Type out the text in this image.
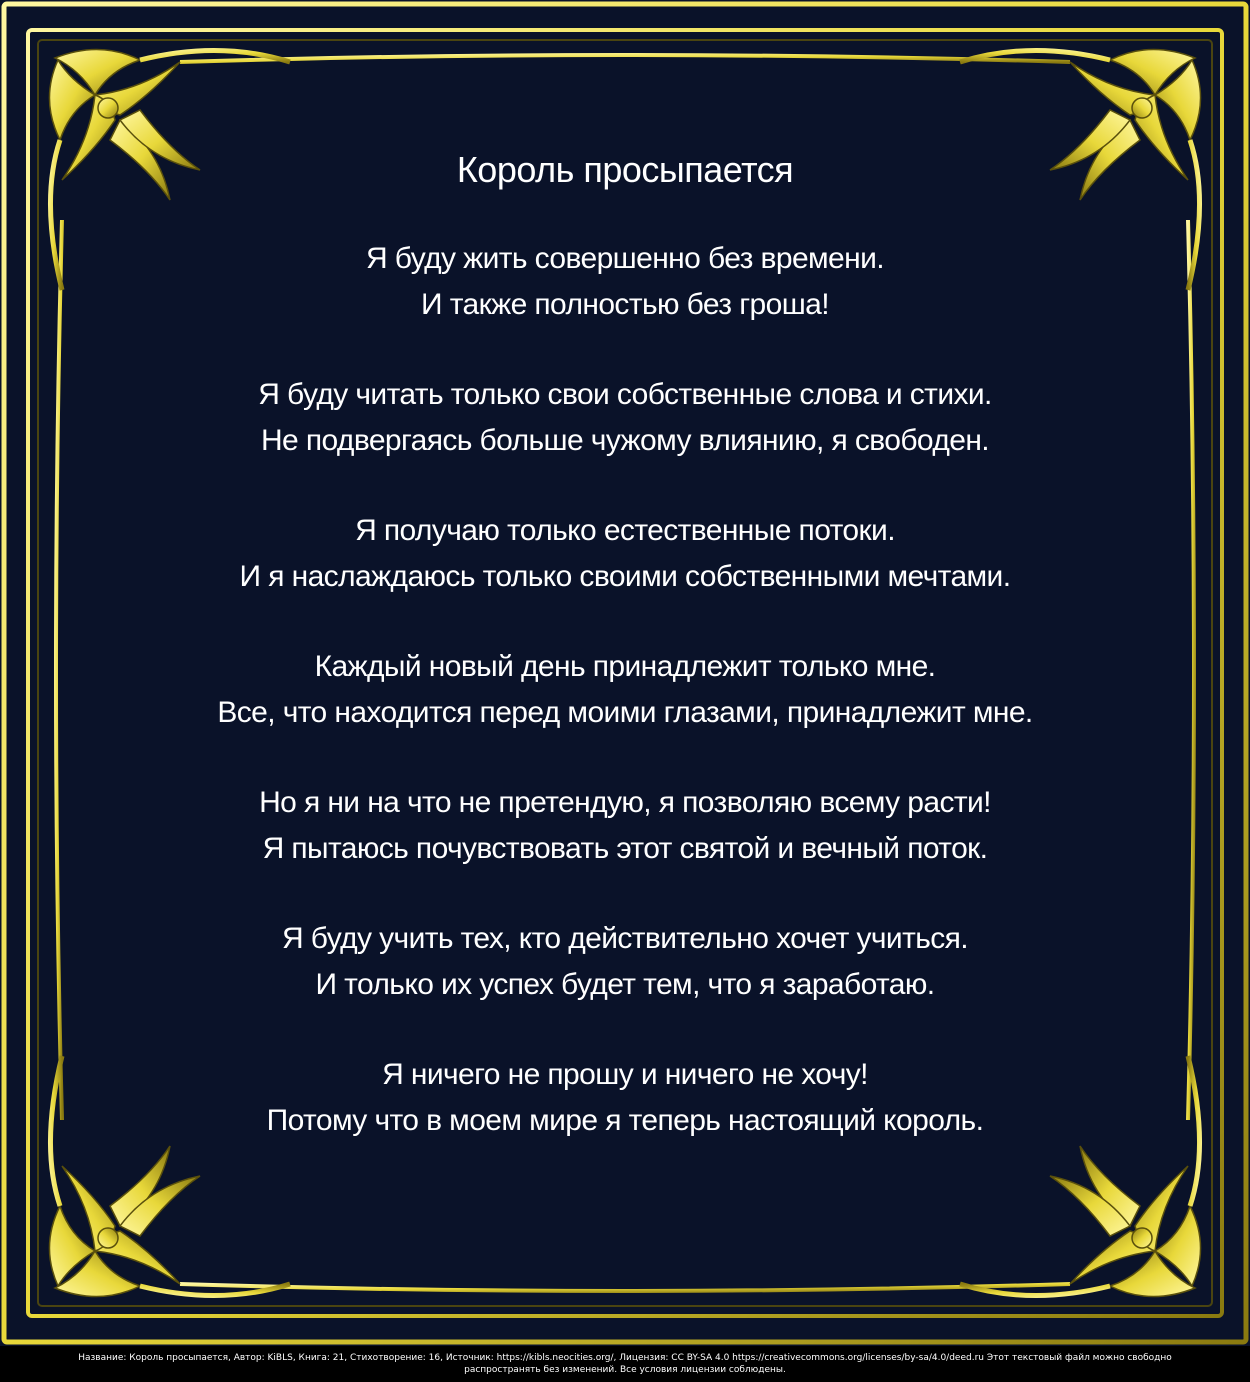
Король просыпается
Я буду жить совершенно без времени.
И также полностью без гроша!
Я буду читать только свои собственные слова и стихи.
Не подвергаясь больше чужому влиянию, я свободен.
Я получаю только естественные потоки.
И я наслаждаюсь только своими собственными мечтами.
Каждый новый день принадлежит только мне.
Все, что находится перед моими глазами, принадлежит мне.
Но я ни на что не претендую, я позволяю всему расти!
Я пытаюсь почувствовать этот святой и вечный поток.
Я буду учить тех, кто действительно хочет учиться.
И только их успех будет тем, что я заработаю.
Я ничего не прошу и ничего не хочу!
Потому что в моем мире я теперь настоящий король.
Название: Король просыпается, Автор: KiBLS, Книга: 21, Стихотворение: 16, Источник: https://kibls.neocities.org/, Лицензия: CC BY-SA 4.0 https://creativecommons.org/licenses/by-sa/4.0/deed.ru Этот текстовый файл можно свободно
распространять без изменений. Все условия лицензии соблюдены.
